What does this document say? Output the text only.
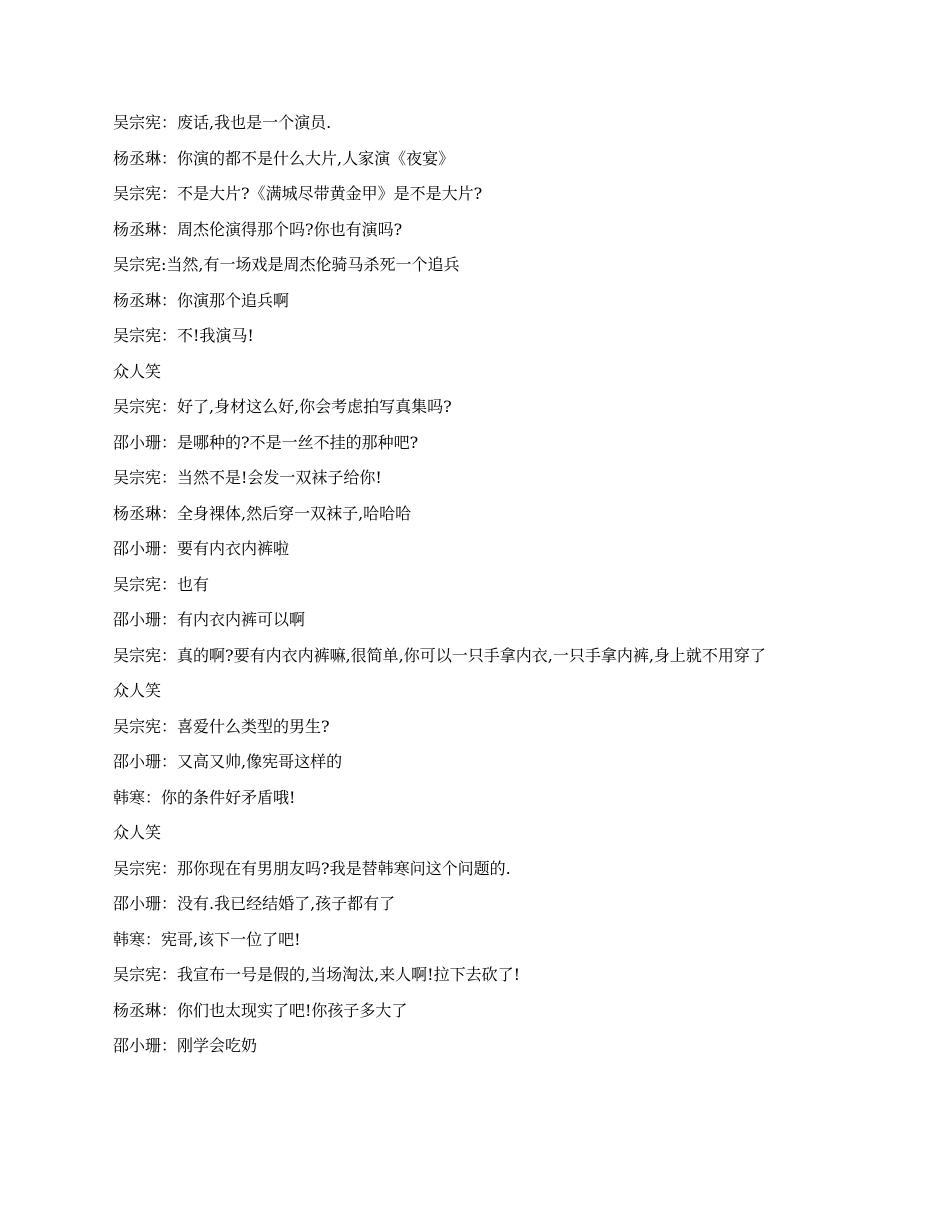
吴宗宪：废话,我也是一个演员.

杨丞琳：你演的都不是什么大片,人家演《夜宴》

吴宗宪：不是大片?《满城尽带黄金甲》是不是大片?

杨丞琳：周杰伦演得那个吗?你也有演吗?

吴宗宪:当然,有一场戏是周杰伦骑马杀死一个追兵

杨丞琳：你演那个追兵啊

吴宗宪：不!我演马!

众人笑

吴宗宪：好了,身材这么好,你会考虑拍写真集吗?

邵小珊：是哪种的?不是一丝不挂的那种吧?

吴宗宪：当然不是!会发一双袜子给你!

杨丞琳：全身裸体,然后穿一双袜子,哈哈哈

邵小珊：要有内衣内裤啦

吴宗宪：也有

邵小珊：有内衣内裤可以啊

吴宗宪：真的啊?要有内衣内裤嘛,很简单,你可以一只手拿内衣,一只手拿内裤,身上就不用穿了

众人笑

吴宗宪：喜爱什么类型的男生?

邵小珊：又高又帅,像宪哥这样的

韩寒：你的条件好矛盾哦!

众人笑

吴宗宪：那你现在有男朋友吗?我是替韩寒问这个问题的.

邵小珊：没有.我已经结婚了,孩子都有了

韩寒：宪哥,该下一位了吧!

吴宗宪：我宣布一号是假的,当场淘汰,来人啊!拉下去砍了!

杨丞琳：你们也太现实了吧!你孩子多大了

邵小珊：刚学会吃奶
